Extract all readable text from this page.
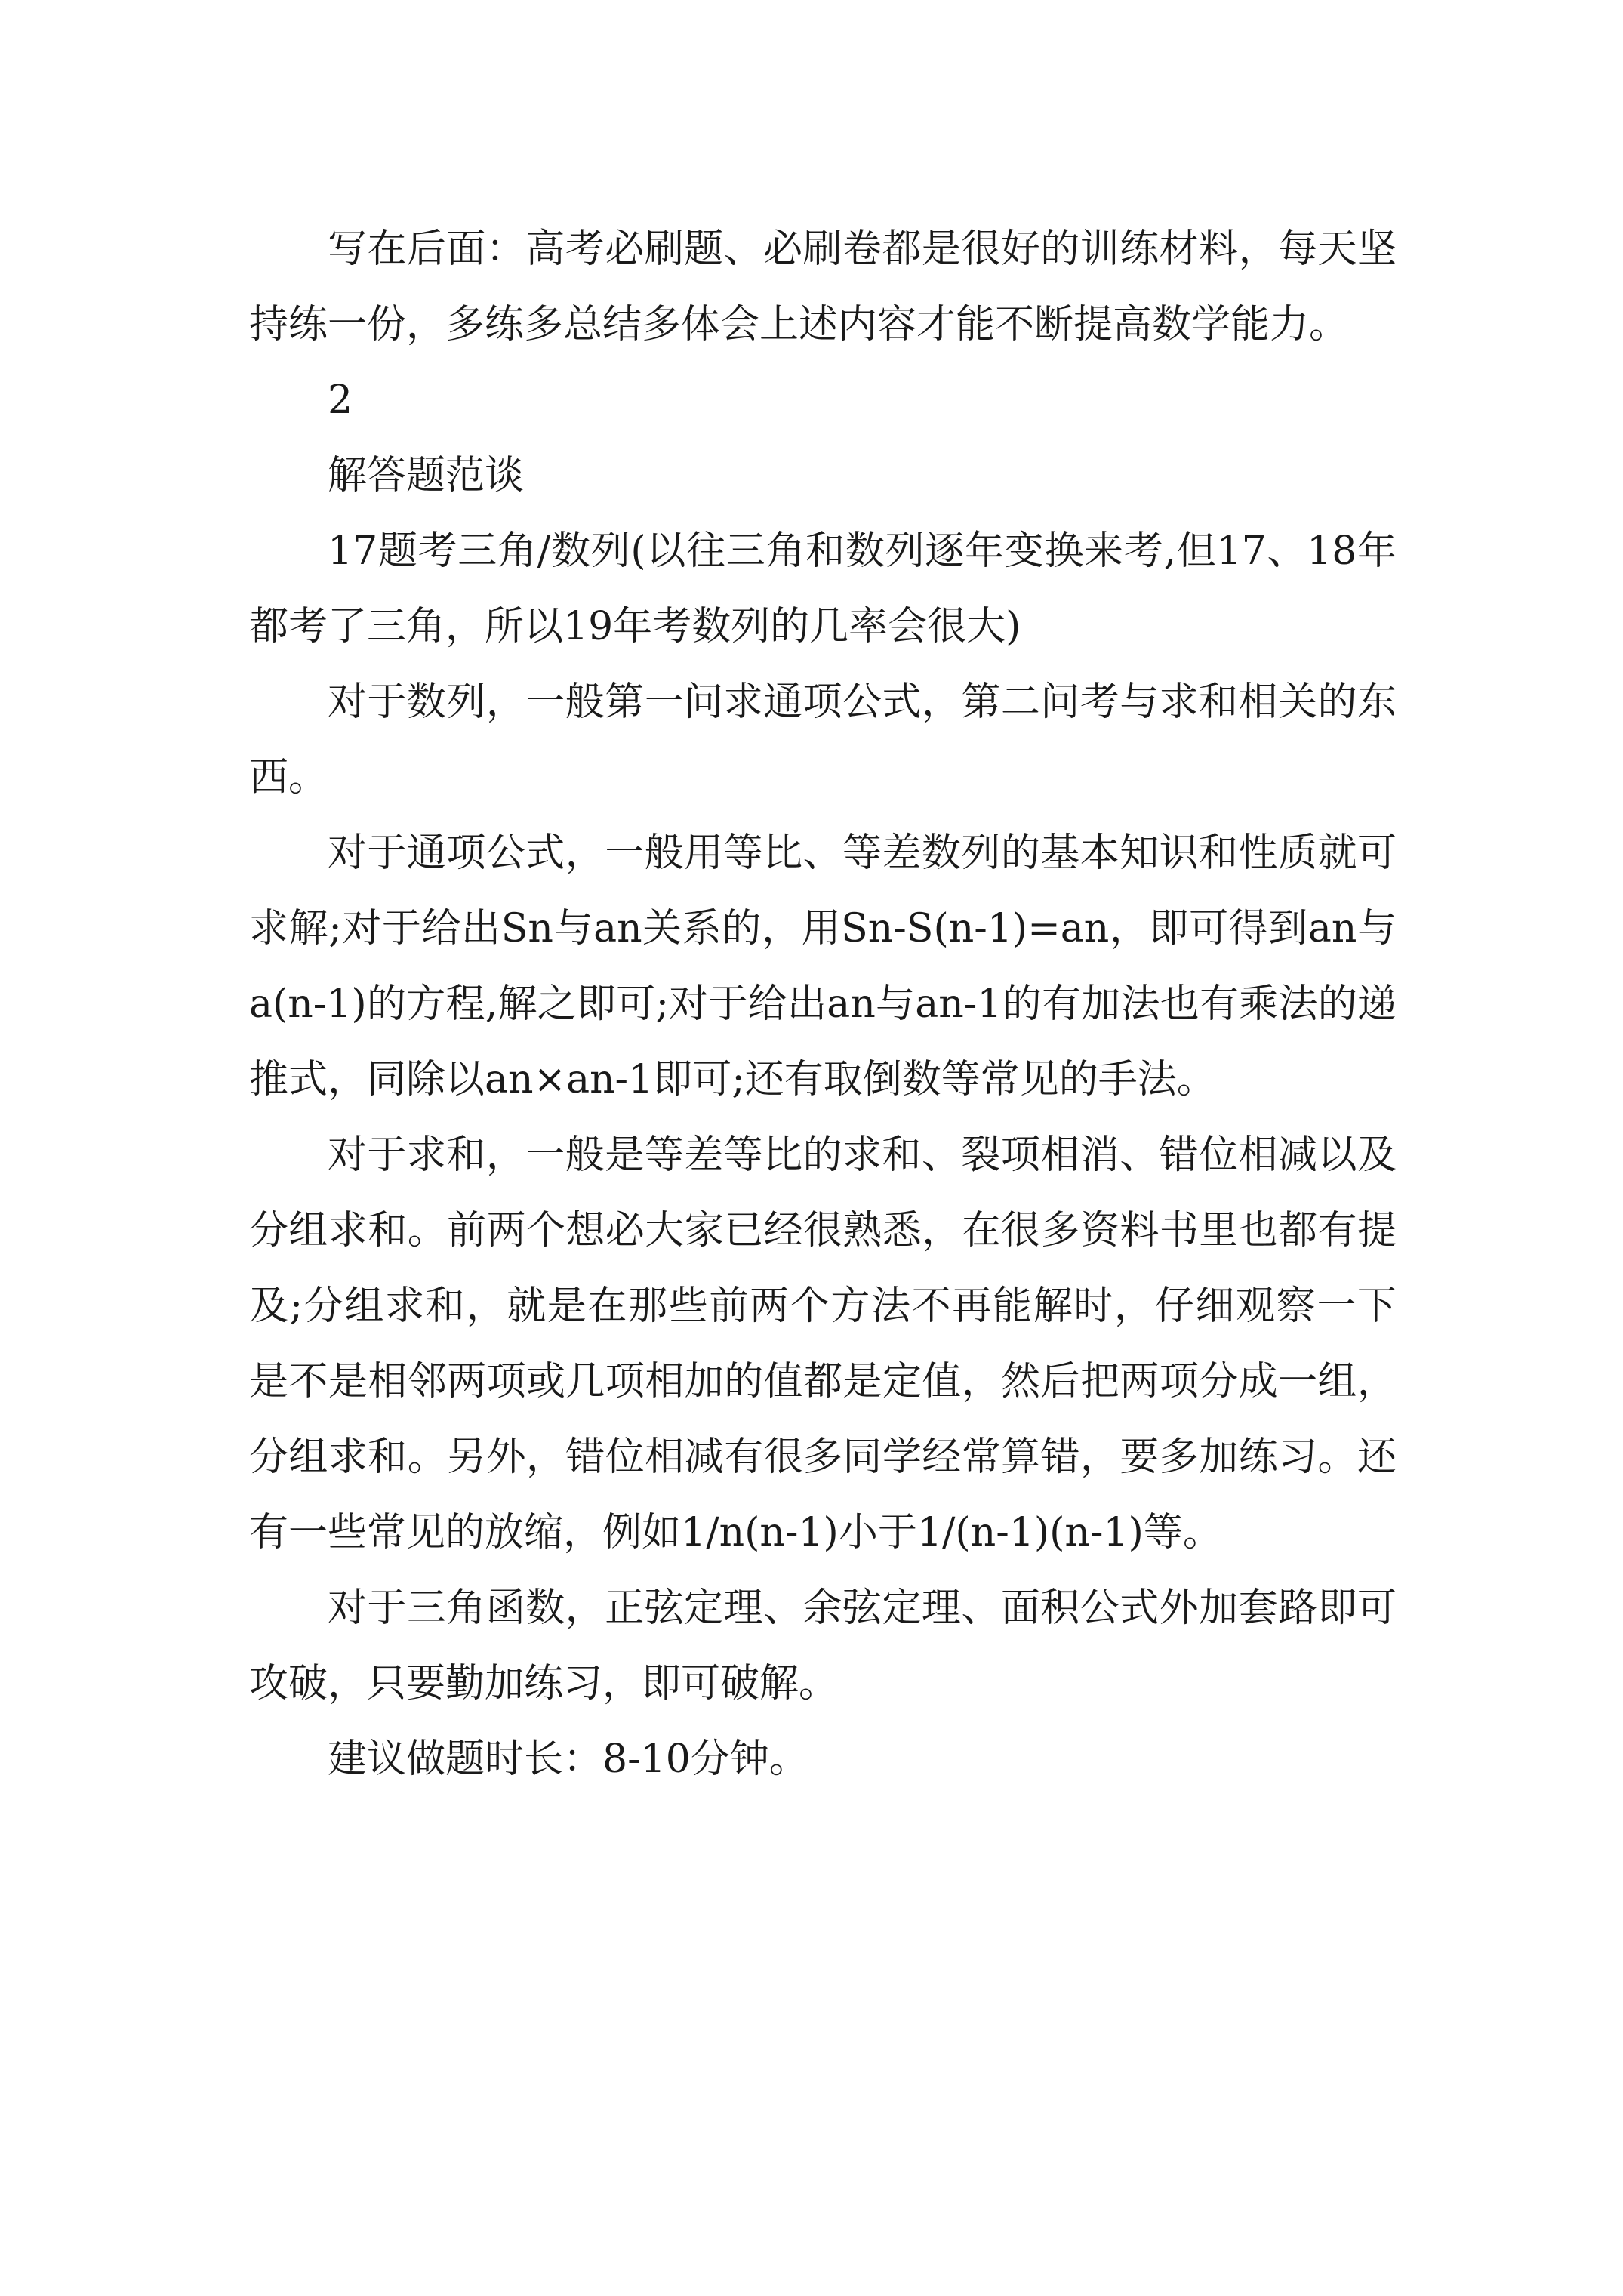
写在后面：高考必刷题、必刷卷都是很好的训练材料，每天坚持练一份，多练多总结多体会上述内容才能不断提高数学能力。

2

解答题范谈

17题考三角/数列(以往三角和数列逐年变换来考,但17、18年都考了三角，所以19年考数列的几率会很大)

对于数列，一般第一问求通项公式，第二问考与求和相关的东西。

对于通项公式，一般用等比、等差数列的基本知识和性质就可求解;对于给出Sn与an关系的，用Sn-S(n-1)=an，即可得到an与a(n-1)的方程,解之即可;对于给出an与an-1的有加法也有乘法的递推式，同除以an×an-1即可;还有取倒数等常见的手法。

对于求和，一般是等差等比的求和、裂项相消、错位相减以及分组求和。前两个想必大家已经很熟悉，在很多资料书里也都有提及;分组求和，就是在那些前两个方法不再能解时，仔细观察一下是不是相邻两项或几项相加的值都是定值，然后把两项分成一组，分组求和。另外，错位相减有很多同学经常算错，要多加练习。还有一些常见的放缩，例如1/n(n-1)小于1/(n-1)(n-1)等。

对于三角函数，正弦定理、余弦定理、面积公式外加套路即可攻破，只要勤加练习，即可破解。

建议做题时长：8-10分钟。
